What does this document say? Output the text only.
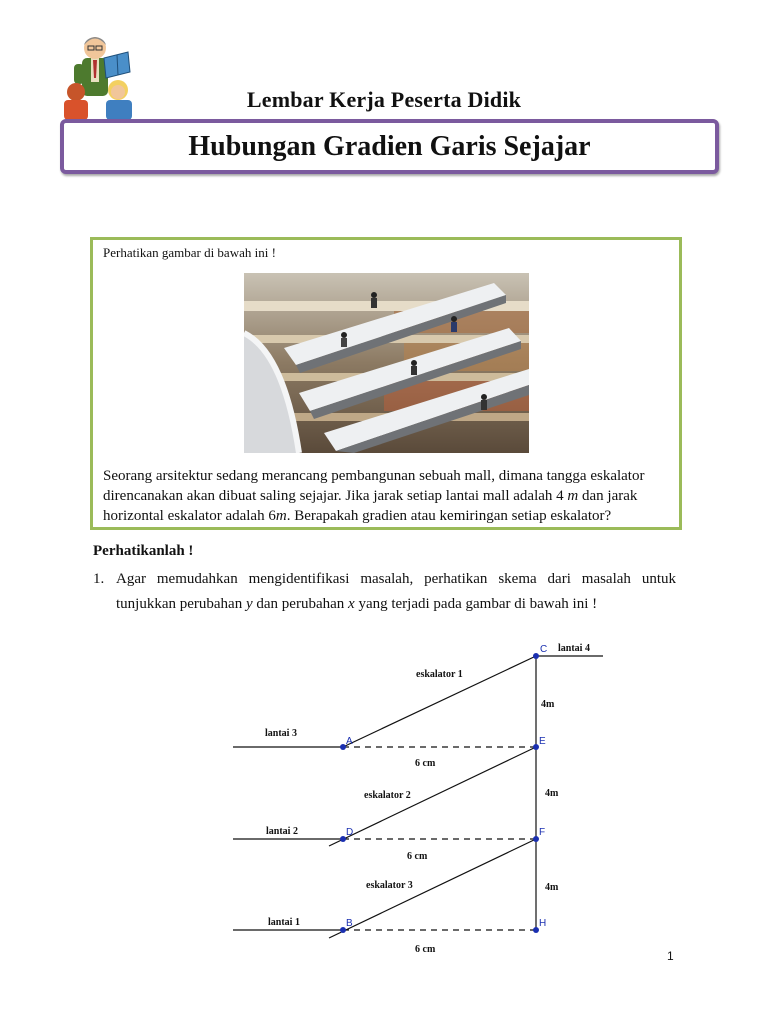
Lembar Kerja Peserta Didik
Hubungan Gradien Garis Sejajar
Perhatikan gambar di bawah ini !
Seorang arsitektur sedang merancang pembangunan sebuah mall, dimana tangga eskalator direncanakan akan dibuat saling sejajar. Jika jarak setiap lantai mall adalah 4 m dan jarak horizontal eskalator adalah 6m. Berapakah gradien atau kemiringan setiap eskalator?
Perhatikanlah !
1. Agar memudahkan mengidentifikasi masalah, perhatikan skema dari masalah untuk tunjukkan perubahan y dan perubahan x yang terjadi pada gambar di bawah ini !
C
A	E
D	F
B	H
lantai 4
lantai 3
lantai 2
lantai 1
eskalator 1
eskalator 2
eskalator 3
4m
4m
4m
6 cm
6 cm
6 cm	1
